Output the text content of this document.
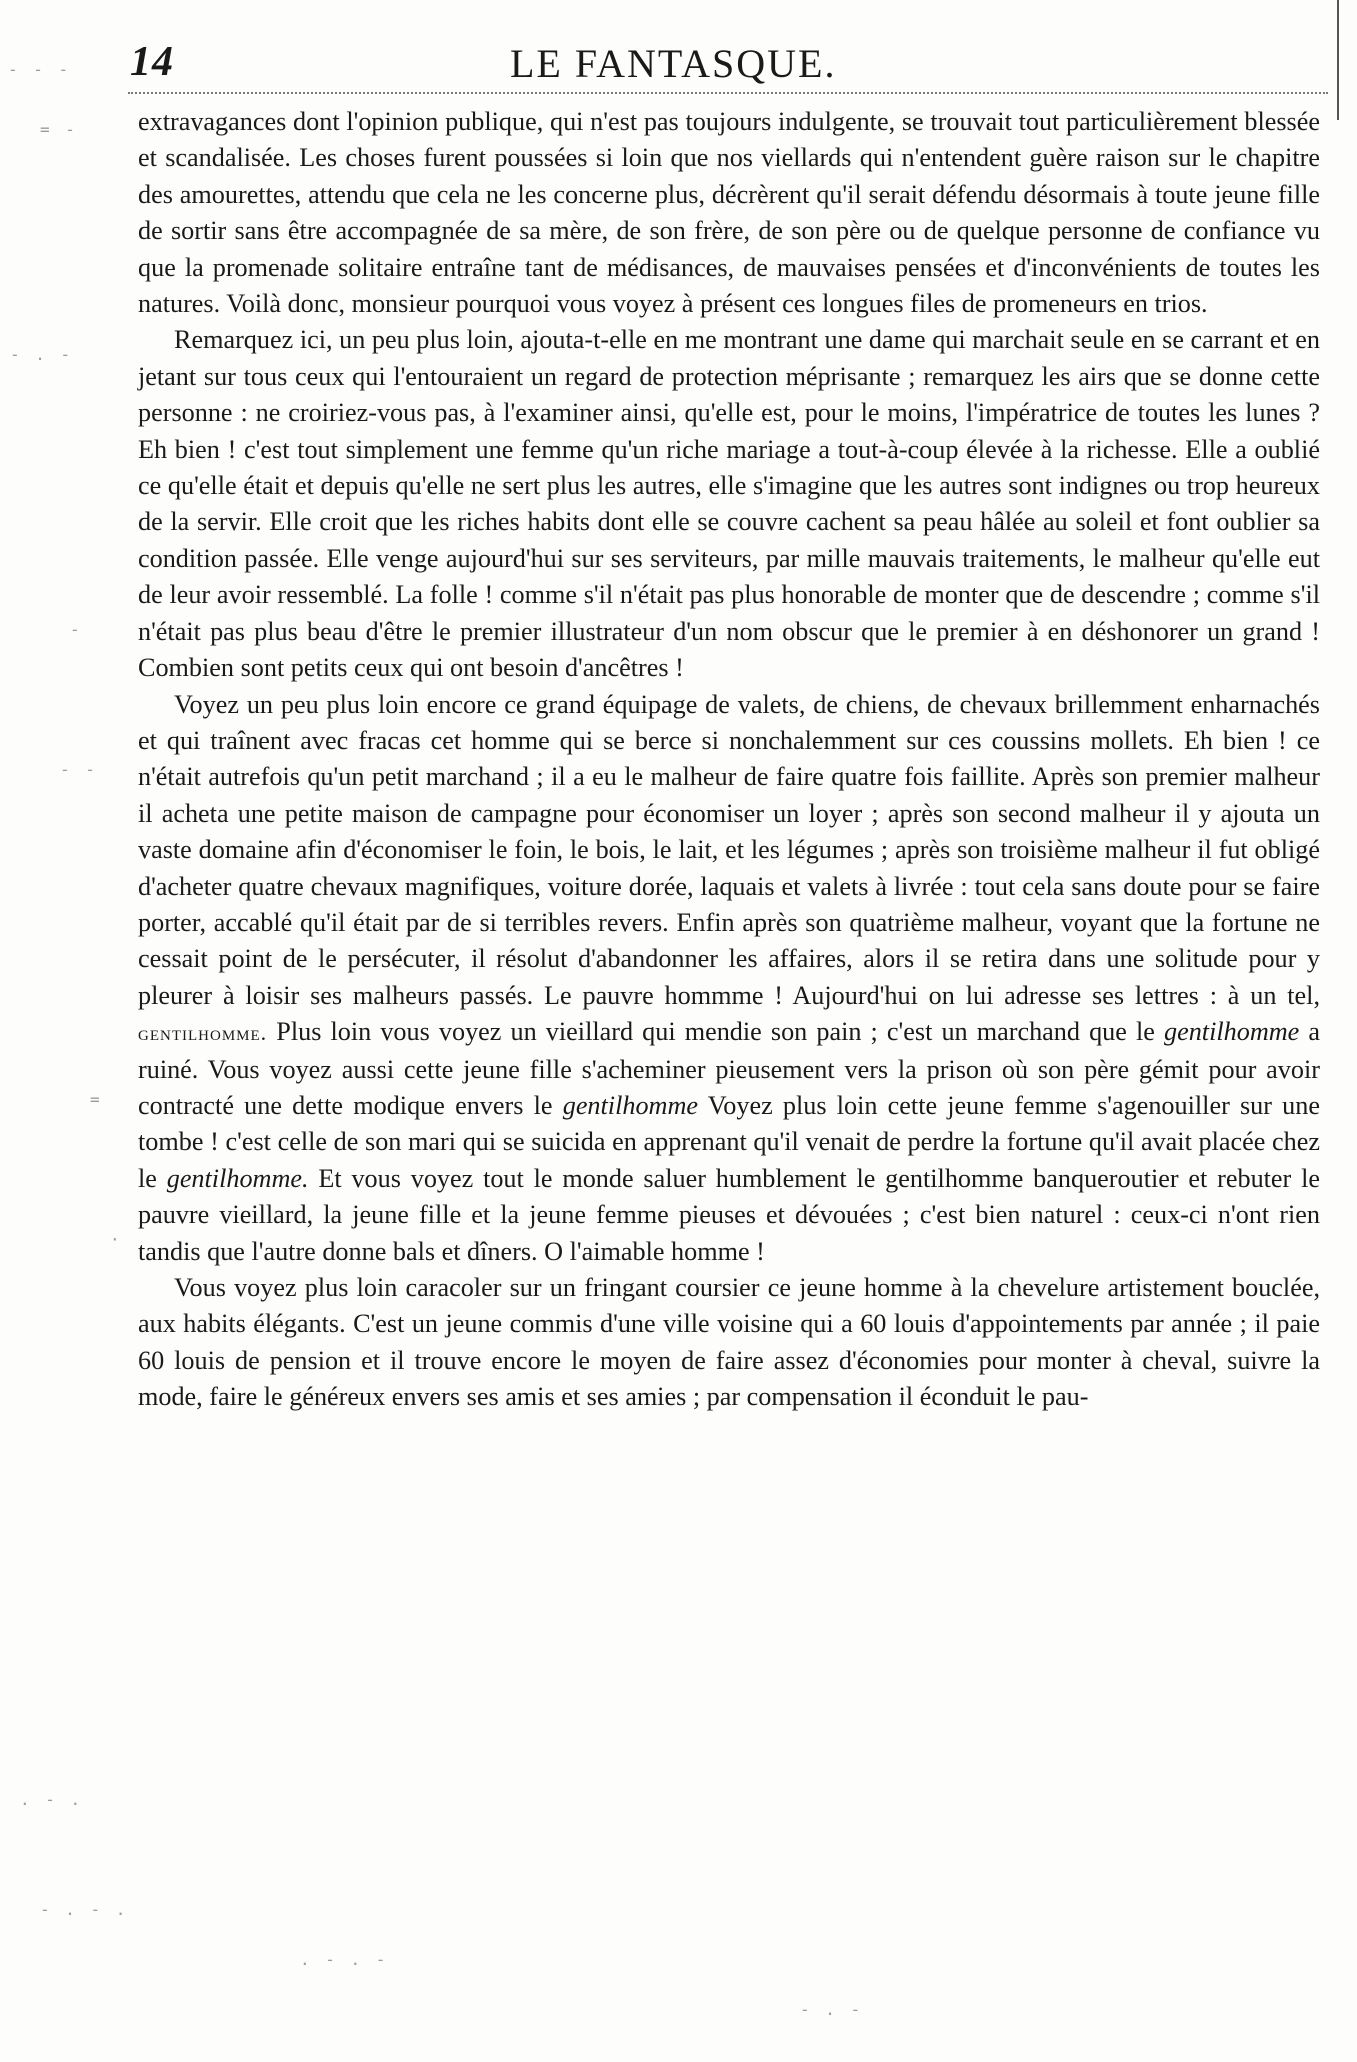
14	LE FANTASQUE.
- - -
= -
- . -
-
- -
=
·
. - .
- . - .
. - . -
- . -

extravagances dont l'opinion publique, qui n'est pas toujours indulgente, se trouvait tout particulièrement blessée et scandalisée. Les choses furent poussées si loin que nos viellards qui n'entendent guère raison sur le chapitre des amourettes, attendu que cela ne les concerne plus, décrèrent qu'il serait défendu désormais à toute jeune fille de sortir sans être accompagnée de sa mère, de son frère, de son père ou de quelque personne de confiance vu que la promenade solitaire entraîne tant de médisances, de mauvaises pensées et d'inconvénients de toutes les natures. Voilà donc, monsieur pourquoi vous voyez à présent ces longues files de promeneurs en trios.

Remarquez ici, un peu plus loin, ajouta-t-elle en me montrant une dame qui marchait seule en se carrant et en jetant sur tous ceux qui l'entouraient un regard de protection méprisante ; remarquez les airs que se donne cette personne : ne croiriez-vous pas, à l'examiner ainsi, qu'elle est, pour le moins, l'impératrice de toutes les lunes ? Eh bien ! c'est tout simplement une femme qu'un riche mariage a tout-à-coup élevée à la richesse. Elle a oublié ce qu'elle était et depuis qu'elle ne sert plus les autres, elle s'imagine que les autres sont indignes ou trop heureux de la servir. Elle croit que les riches habits dont elle se couvre cachent sa peau hâlée au soleil et font oublier sa condition passée. Elle venge aujourd'hui sur ses serviteurs, par mille mauvais traitements, le malheur qu'elle eut de leur avoir ressemblé. La folle ! comme s'il n'était pas plus honorable de monter que de descendre ; comme s'il n'était pas plus beau d'être le premier illustrateur d'un nom obscur que le premier à en déshonorer un grand ! Combien sont petits ceux qui ont besoin d'ancêtres !

Voyez un peu plus loin encore ce grand équipage de valets, de chiens, de chevaux brillemment enharnachés et qui traînent avec fracas cet homme qui se berce si nonchalemment sur ces coussins mollets. Eh bien ! ce n'était autrefois qu'un petit marchand ; il a eu le malheur de faire quatre fois faillite. Après son premier malheur il acheta une petite maison de campagne pour économiser un loyer ; après son second malheur il y ajouta un vaste domaine afin d'économiser le foin, le bois, le lait, et les légumes ; après son troisième malheur il fut obligé d'acheter quatre chevaux magnifiques, voiture dorée, laquais et valets à livrée : tout cela sans doute pour se faire porter, accablé qu'il était par de si terribles revers. Enfin après son quatrième malheur, voyant que la fortune ne cessait point de le persécuter, il résolut d'abandonner les affaires, alors il se retira dans une solitude pour y pleurer à loisir ses malheurs passés. Le pauvre hommme ! Aujourd'hui on lui adresse ses lettres : à un tel, gentilhomme. Plus loin vous voyez un vieillard qui mendie son pain ; c'est un marchand que le gentilhomme a ruiné. Vous voyez aussi cette jeune fille s'acheminer pieusement vers la prison où son père gémit pour avoir contracté une dette modique envers le gentilhomme Voyez plus loin cette jeune femme s'agenouiller sur une tombe ! c'est celle de son mari qui se suicida en apprenant qu'il venait de perdre la fortune qu'il avait placée chez le gentilhomme. Et vous voyez tout le monde saluer humblement le gentilhomme banqueroutier et rebuter le pauvre vieillard, la jeune fille et la jeune femme pieuses et dévouées ; c'est bien naturel : ceux-ci n'ont rien tandis que l'autre donne bals et dîners. O l'aimable homme !

Vous voyez plus loin caracoler sur un fringant coursier ce jeune homme à la chevelure artistement bouclée, aux habits élégants. C'est un jeune commis d'une ville voisine qui a 60 louis d'appointements par année ; il paie 60 louis de pension et il trouve encore le moyen de faire assez d'économies pour monter à cheval, suivre la mode, faire le généreux envers ses amis et ses amies ; par compensation il éconduit le pau-
